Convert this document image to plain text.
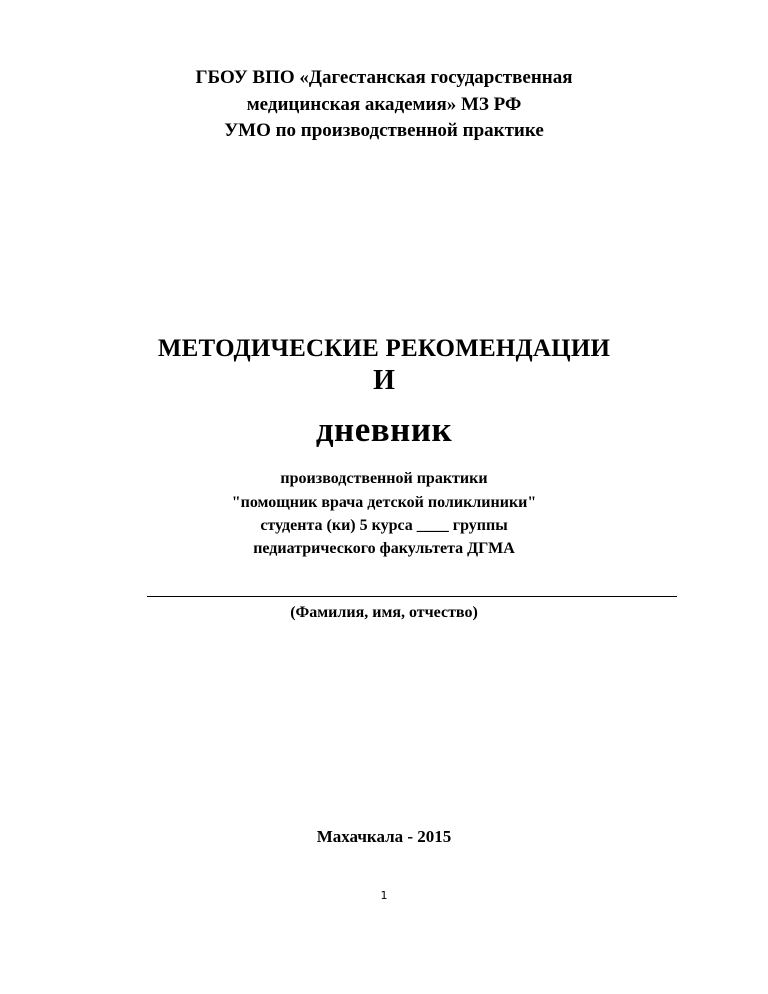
ГБОУ ВПО «Дагестанская государственная
медицинская академия» МЗ РФ
УМО по производственной практике
МЕТОДИЧЕСКИЕ РЕКОМЕНДАЦИИ
И
дневник
производственной практики
"помощник врача детской поликлиники"
студента (ки) 5 курса ____ группы
педиатрического факультета ДГМА
(Фамилия, имя, отчество)
Махачкала - 2015
1
